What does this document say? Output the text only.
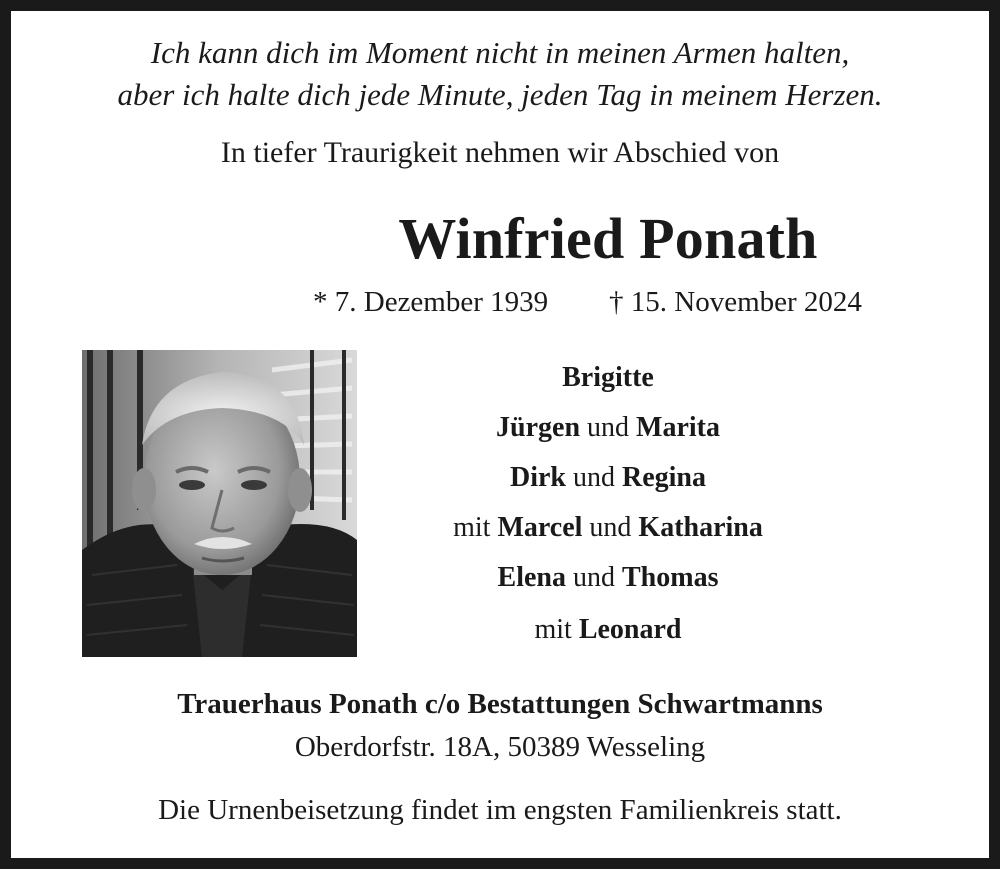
Ich kann dich im Moment nicht in meinen Armen halten,
aber ich halte dich jede Minute, jeden Tag in meinem Herzen.
In tiefer Traurigkeit nehmen wir Abschied von
Winfried Ponath
* 7. Dezember 1939 † 15. November 2024
Brigitte
Jürgen und Marita
Dirk und Regina
mit Marcel und Katharina
Elena und Thomas
mit Leonard
Trauerhaus Ponath c/o Bestattungen Schwartmanns
Oberdorfstr. 18A, 50389 Wesseling
Die Urnenbeisetzung findet im engsten Familienkreis statt.
